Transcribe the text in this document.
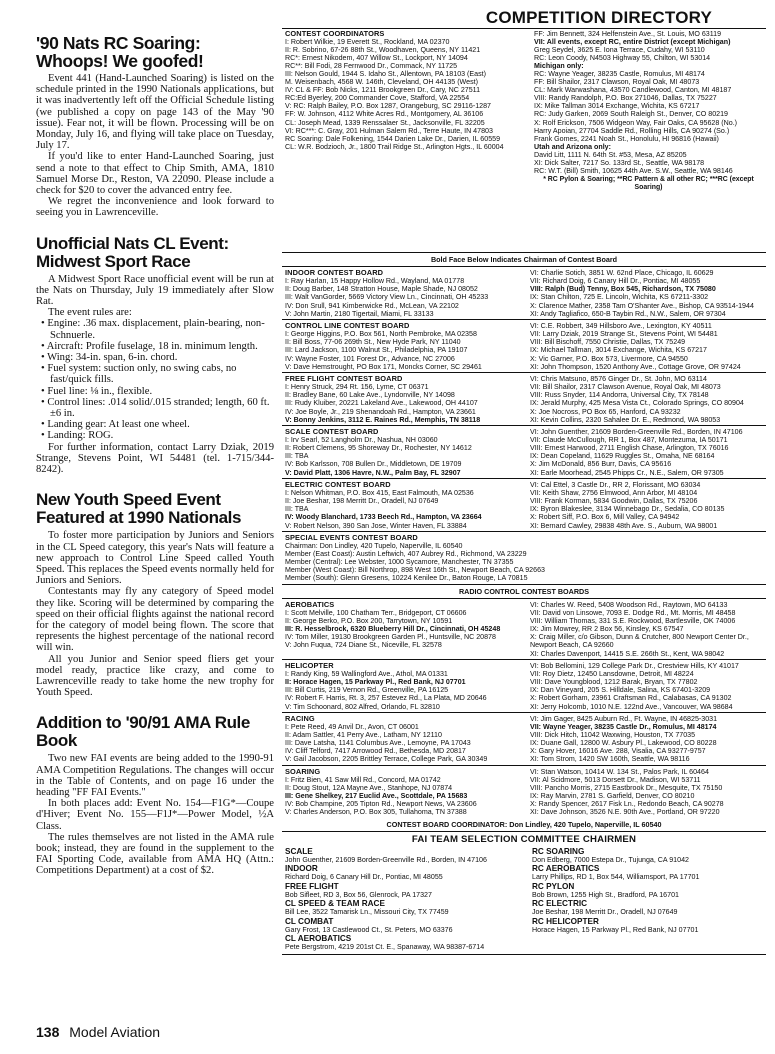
'90 Nats RC Soaring: Whoops! We goofed!
Event 441 (Hand-Launched Soaring) is listed on the schedule printed in the 1990 Nationals applications, but it was inadvertently left off the Official Schedule listing (we published a copy on page 143 of the May '90 issue). Fear not, it will be flown. Processing will be on Monday, July 16, and flying will take place on Tuesday, July 17.
If you'd like to enter Hand-Launched Soaring, just send a note to that effect to Chip Smith, AMA, 1810 Samuel Morse Dr., Reston, VA 22090. Please include a check for $20 to cover the advanced entry fee.
We regret the inconvenience and look forward to seeing you in Lawrenceville.
Unofficial Nats CL Event: Midwest Sport Race
A Midwest Sport Race unofficial event will be run at the Nats on Thursday, July 19 immediately after Slow Rat.
The event rules are:
• Engine: .36 max. displacement, plain-bearing, non-Schnuerle.
• Aircraft: Profile fuselage, 18 in. minimum length.
• Wing: 34-in. span, 6-in. chord.
• Fuel system: suction only, no swing cabs, no fast/quick fills.
• Fuel line: ⅛ in., flexible.
• Control lines: .014 solid/.015 stranded; length, 60 ft. ±6 in.
• Landing gear: At least one wheel.
• Landing: ROG.
For further information, contact Larry Dziak, 2019 Strange, Stevens Point, WI 54481 (tel. 1-715/344-8242).
New Youth Speed Event Featured at 1990 Nationals
To foster more participation by Juniors and Seniors in the CL Speed category, this year's Nats will feature a new approach to Control Line Speed called Youth Speed. This replaces the Speed events normally held for Juniors and Seniors.
Contestants may fly any category of Speed model they like. Scoring will be determined by comparing the speed on their official flights against the national record for the category of model being flown. The score that represents the highest percentage of the national record will win.
All you Junior and Senior speed fliers get your model ready, practice like crazy, and come to Lawrenceville ready to take home the new trophy for Youth Speed.
Addition to '90/91 AMA Rule Book
Two new FAI events are being added to the 1990-91 AMA Competition Regulations. The changes will occur in the Table of Contents, and on page 16 under the heading "FF FAI Events."
In both places add: Event No. 154—F1G*—Coupe d'Hiver; Event No. 155—F1J*—Power Model, ½A Class.
The rules themselves are not listed in the AMA rule book; instead, they are found in the supplement to the FAI Sporting Code, available from AMA HQ (Attn.: Competitions Department) at a cost of $2.
COMPETITION DIRECTORY
CONTEST COORDINATORS
I: Robert Wilkie, 19 Everett St., Rockland, MA 02370
II: R. Sobrino, 67-26 88th St., Woodhaven, Queens, NY 11421
RC*: Ernest Nikodem, 407 Willow St., Lockport, NY 14094
RC**: Bill Fodi, 28 Fernwood Dr., Commack, NY 11725
III: Nelson Gould, 1944 S. Idaho St., Allentown, PA 18103 (East)
M. Weisenbach, 4568 W. 146th, Cleveland, OH 44135 (West)
IV: CL & FF: Bob Nicks, 1211 Brookgreen Dr., Cary, NC 27511
RC:Ed Byerley, 200 Commander Cove, Stafford, VA 22554
V: RC: Ralph Bailey, P.O. Box 1287, Orangeburg, SC 29116-1287
FF: W. Johnson, 4112 White Acres Rd., Montgomery, AL 36106
CL: Joseph Mead, 1339 Renssalaer St., Jacksonville, FL 32205
VI: RC***: C. Gray, 201 Hulman Salem Rd., Terre Haute, IN 47803
RC Soaring: Dale Folkening, 1544 Darien Lake Dr., Darien, IL 60559
CL: W.R. Bodzioch, Jr., 1800 Trail Ridge St., Arlington Hgts., IL 60004
FF: Jim Bennett, 324 Helfenstein Ave., St. Louis, MO 63119
VII: All events, except RC, entire District (except Michigan)
Greg Seydel, 3625 E. Iona Terrace, Cudahy, WI 53110
RC: Leon Coody, N4503 Highway 55, Chilton, WI 53014
Michigan only:
RC: Wayne Yeager, 38235 Castle, Romulus, MI 48174
FF: Bill Shailor, 2317 Clawson, Royal Oak, MI 48073
CL: Mark Warwashana, 43570 Candlewood, Canton, MI 48187
VIII: Randy Randolph, P.O. Box 271046, Dallas, TX 75227
IX: Mike Tallman 3014 Exchange, Wichita, KS 67217
RC: Judy Garken, 2069 South Raleigh St., Denver, CO 80219
X: Rolf Erickson, 7506 Widgeon Way, Fair Oaks, CA 95628 (No.)
Harry Apoian, 27704 Saddle Rd., Rolling Hills, CA 90274 (So.)
Frank Gomes, 2241 Noah St., Honolulu, HI 96816 (Hawaii)
Utah and Arizona only:
David Litt, 1111 N. 64th St. #53, Mesa, AZ 85205
XI: Dick Salter, 7217 So. 133rd St., Seattle, WA 98178
RC: W.T. (Bill) Smith, 10625 44th Ave. S.W., Seattle, WA 98146
* RC Pylon & Soaring; **RC Pattern & all other RC; ***RC (except Soaring)
Bold Face Below Indicates Chairman of Contest Board
INDOOR CONTEST BOARD
I: Ray Harlan, 15 Happy Hollow Rd., Wayland, MA 01778
II: Doug Barber, 148 Stratton House, Maple Shade, NJ 08052
III: Walt VanGorder, 5669 Victory View Ln., Cincinnati, OH 45233
IV: Don Srull, 941 Kimberwicke Rd., McLean, VA 22102
V: John Martin, 2180 Tigertail, Miami, FL 33133
VI: Charlie Sotich, 3851 W. 62nd Place, Chicago, IL 60629
VII: Richard Doig, 6 Canary Hill Dr., Pontiac, MI 48055
VIII: Ralph (Bud) Tenny, Box 545, Richardson, TX 75080
IX: Stan Chilton, 725 E. Lincoln, Wichita, KS 67211-3302
X: Clarence Mather, 2358 Tam O'Shanter Ave., Bishop, CA 93514-1944
XI: Andy Tagliafico, 650-B Taybin Rd., N.W., Salem, OR 97304
CONTROL LINE CONTEST BOARD
I: George Higgins, P.O. Box 561, North Pembroke, MA 02358
II: Bill Boss, 77-06 269th St., New Hyde Park, NY 11040
III: Lard Jackson, 1100 Walnut St., Philadelphia, PA 19107
IV: Wayne Foster, 101 Forest Dr., Advance, NC 27006
V: Dave Hemstrought, PO Box 171, Moncks Corner, SC 29461
VI: C.E. Robbert, 349 Hillsboro Ave., Lexington, KY 40511
VII: Larry Dziak, 2019 Strange St., Stevens Point, WI 54481
VIII: Bill Bischoff, 7550 Christie, Dallas, TX 75249
IX: Michael Tallman, 3014 Exchange, Wichita, KS 67217
X: Vic Garner, P.O. Box 573, Livermore, CA 94550
XI: John Thompson, 1520 Anthony Ave., Cottage Grove, OR 97424
FREE FLIGHT CONTEST BOARD
I: Henry Struck, 294 Rt. 156, Lyme, CT 06371
II: Bradley Bane, 60 Lake Ave., Lyndonville, NY 14098
III: Rudy Kluiber, 20221 Lakeland Ave., Lakewood, OH 44107
IV: Joe Boyle, Jr., 219 Shenandoah Rd., Hampton, VA 23661
V: Bonny Jenkins, 3112 E. Raines Rd., Memphis, TN 38118
VI: Chris Matsuno, 8576 Ginger Dr., St. John, MO 63114
VII: Bill Shailor, 2317 Clawson Avenue, Royal Oak, MI 48073
VIII: Russ Snyder, 114 Andorra, Universal City, TX 78148
IX: Jerald Murphy, 425 Mesa Vista Ct., Colorado Springs, CO 80904
X: Joe Nocross, PO Box 65, Hanford, CA 93232
XI: Kevin Collins, 2320 Sahalee Dr. E., Redmond, WA 98053
SCALE CONTEST BOARD
I: Irv Searl, 52 Langholm Dr., Nashua, NH 03060
II: Robert Clemens, 95 Shoreway Dr., Rochester, NY 14612
III: TBA
IV: Bob Karlsson, 708 Bullen Dr., Middletown, DE 19709
V: David Platt, 1306 Havre, N.W., Palm Bay, FL 32907
VI: John Guenther, 21609 Borden-Greenville Rd., Borden, IN 47106
VII: Claude McCullough, RR 1, Box 487, Montezuma, IA 50171
VIII: Ernest Harwood, 2711 English Chase, Arlington, TX 76016
IX: Dean Copeland, 11629 Ruggles St., Omaha, NE 68164
X: Jim McDonald, 856 Burr, Davis, CA 95616
XI: Earle Moorhead, 2545 Phipps Cr., N.E., Salem, OR 97305
ELECTRIC CONTEST BOARD
I: Nelson Whitman, P.O. Box 415, East Falmouth, MA 02536
II: Joe Beshar, 198 Merritt Dr., Oradell, NJ 07649
III: TBA
IV: Woody Blanchard, 1733 Beech Rd., Hampton, VA 23664
V: Robert Nelson, 390 San Jose, Winter Haven, FL 33884
VI: Cal Ettel, 3 Castle Dr., RR 2, Florissant, MO 63034
VII: Keith Shaw, 2756 Elmwood, Ann Arbor, MI 48104
VIII: Frank Korman, 5834 Goodwin, Dallas, TX 75206
IX: Byron Blakeslee, 3134 Winnebago Dr., Sedalia, CO 80135
X: Robert Siff, P.O. Box 6, Mill Valley, CA 94942
XI: Bernard Cawley, 29838 48th Ave. S., Auburn, WA 98001
SPECIAL EVENTS CONTEST BOARD
Chairman: Don Lindley, 420 Tupelo, Naperville, IL 60540
Member (East Coast): Austin Leftwich, 407 Aubrey Rd., Richmond, VA 23229
Member (Central): Lee Webster, 1000 Sycamore, Manchester, TN 37355
Member (West Coast): Bill Northrop, 898 West 16th St., Newport Beach, CA 92663
Member (South): Glenn Gresens, 10224 Kenilee Dr., Baton Rouge, LA 70815
RADIO CONTROL CONTEST BOARDS
AEROBATICS
I: Scott Melville, 100 Chatham Terr., Bridgeport, CT 06606
II: George Berko, P.O. Box 200, Tarrytown, NY 10591
III: R. Hesselbrock, 6320 Blueberry Hill Dr., Cincinnati, OH 45248
IV: Tom Miller, 19130 Brookgreen Garden Pl., Huntsville, NC 20878
V: John Fuqua, 724 Diane St., Niceville, FL 32578
VI: Charles W. Reed, 5408 Woodson Rd., Raytown, MO 64133
VII: David von Linsowe, 7093 E. Dodge Rd., Mt. Morris, MI 48458
VIII: William Thomas, 331 S.E. Rockwood, Bartlesville, OK 74006
IX: Jim Mowrey, RR 2 Box 56, Kinsley, KS 67547
X: Craig Miller, c/o Gibson, Dunn & Crutcher, 800 Newport Center Dr., Newport Beach, CA 92660
XI: Charles Davenport, 14415 S.E. 266th St., Kent, WA 98042
HELICOPTER
I: Randy King, 59 Wallingford Ave., Athol, MA 01331
II: Horace Hagen, 15 Parkway Pl., Red Bank, NJ 07701
III: Bill Curtis, 219 Vernon Rd., Greenville, PA 16125
IV: Robert F. Harris, Rt. 3, 257 Estevez Rd., La Plata, MD 20646
V: Tim Schoonard, 802 Alfred, Orlando, FL 32810
VI: Bob Bellomini, 129 College Park Dr., Crestview Hills, KY 41017
VII: Roy Dietz, 12450 Lansdowne, Detroit, MI 48224
VIII: Dave Youngblood, 1212 Barak, Bryan, TX 77802
IX: Dan Vineyard, 205 S. Hilldale, Salina, KS 67401-3209
X: Robert Gorham, 23961 Craftsman Rd., Calabasas, CA 91302
XI: Jerry Holcomb, 1010 N.E. 122nd Ave., Vancouver, WA 98684
RACING
I: Pete Reed, 49 Anvil Dr., Avon, CT 06001
II: Adam Sattler, 41 Perry Ave., Latham, NY 12110
III: Dave Latsha, 1141 Columbus Ave., Lemoyne, PA 17043
IV: Cliff Telford, 7417 Arrowood Rd., Bethesda, MD 20817
V: Gail Jacobson, 2205 Brittley Terrace, College Park, GA 30349
VI: Jim Gager, 8425 Auburn Rd., Ft. Wayne, IN 46825-3031
VII: Wayne Yeager, 38235 Castle Dr., Romulus, MI 48174
VIII: Dick Hitch, 11042 Waxwing, Houston, TX 77035
IX: Duane Gall, 12800 W. Asbury Pl., Lakewood, CO 80228
X: Gary Hover, 16016 Ave. 288, Visalia, CA 93277-9757
XI: Tom Strom, 1420 SW 160th, Seattle, WA 98116
SOARING
I: Fritz Bien, 41 Saw Mill Rd., Concord, MA 01742
II: Doug Stout, 12A Mayne Ave., Stanhope, NJ 07874
III: Gene Shelkey, 217 Euclid Ave., Scottdale, PA 15683
IV: Bob Champine, 205 Tipton Rd., Newport News, VA 23606
V: Charles Anderson, P.O. Box 305, Tullahoma, TN 37388
VI: Stan Watson, 10414 W. 134 St., Palos Park, IL 60464
VII: Al Scidmore, 5013 Dorsett Dr., Madison, WI 53711
VIII: Pancho Morris, 2715 Eastbrook Dr., Mesquite, TX 75150
IX: Ray Marvin, 2781 S. Garfield, Denver, CO 80210
X: Randy Spencer, 2617 Fisk Ln., Redondo Beach, CA 90278
XI: Dave Johnson, 3526 N.E. 90th Ave., Portland, OR 97220
CONTEST BOARD COORDINATOR: Don Lindley, 420 Tupelo, Naperville, IL 60540
FAI TEAM SELECTION COMMITTEE CHAIRMEN
SCALE
John Guenther, 21609 Borden-Greenville Rd., Borden, IN 47106
INDOOR
Richard Doig, 6 Canary Hill Dr., Pontiac, MI 48055
FREE FLIGHT
Bob Sifleet, RD 3, Box 56, Glenrock, PA 17327
CL SPEED & TEAM RACE
Bill Lee, 3522 Tamarisk Ln., Missouri City, TX 77459
CL COMBAT
Gary Frost, 13 Castlewood Ct., St. Peters, MO 63376
CL AEROBATICS
Pete Bergstrom, 4219 201st Ct. E., Spanaway, WA 98387-6714
RC SOARING
Don Edberg, 7000 Estepa Dr., Tujunga, CA 91042
RC AEROBATICS
Larry Phillips, RD 1, Box 544, Williamsport, PA 17701
RC PYLON
Bob Brown, 1255 High St., Bradford, PA 16701
RC ELECTRIC
Joe Beshar, 198 Merritt Dr., Oradell, NJ 07649
RC HELICOPTER
Horace Hagen, 15 Parkway Pl., Red Bank, NJ 07701
138 Model Aviation
